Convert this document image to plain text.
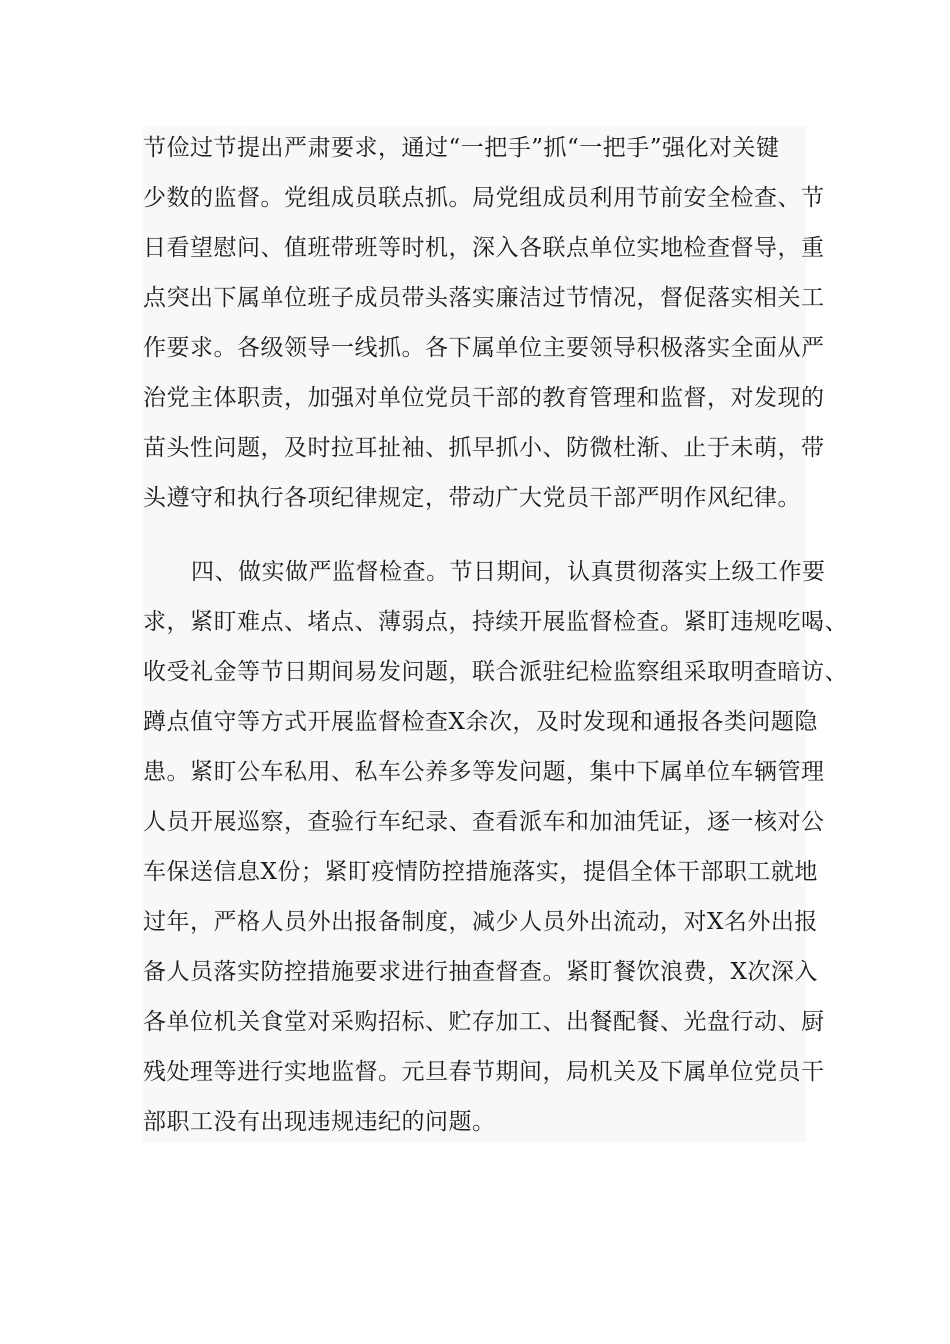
节俭过节提出严肃要求，通过“一把手”抓“一把手”强化对关键
少数的监督。党组成员联点抓。局党组成员利用节前安全检查、节
日看望慰问、值班带班等时机，深入各联点单位实地检查督导，重
点突出下属单位班子成员带头落实廉洁过节情况，督促落实相关工
作要求。各级领导一线抓。各下属单位主要领导积极落实全面从严
治党主体职责，加强对单位党员干部的教育管理和监督，对发现的
苗头性问题，及时拉耳扯袖、抓早抓小、防微杜渐、止于未萌，带
头遵守和执行各项纪律规定，带动广大党员干部严明作风纪律。
四、做实做严监督检查。节日期间，认真贯彻落实上级工作要
求，紧盯难点、堵点、薄弱点，持续开展监督检查。紧盯违规吃喝、
收受礼金等节日期间易发问题，联合派驻纪检监察组采取明查暗访、
蹲点值守等方式开展监督检查X余次，及时发现和通报各类问题隐
患。紧盯公车私用、私车公养多等发问题，集中下属单位车辆管理
人员开展巡察，查验行车纪录、查看派车和加油凭证，逐一核对公
车保送信息X份；紧盯疫情防控措施落实，提倡全体干部职工就地
过年，严格人员外出报备制度，减少人员外出流动，对X名外出报
备人员落实防控措施要求进行抽查督查。紧盯餐饮浪费，X次深入
各单位机关食堂对采购招标、贮存加工、出餐配餐、光盘行动、厨
残处理等进行实地监督。元旦春节期间，局机关及下属单位党员干
部职工没有出现违规违纪的问题。
